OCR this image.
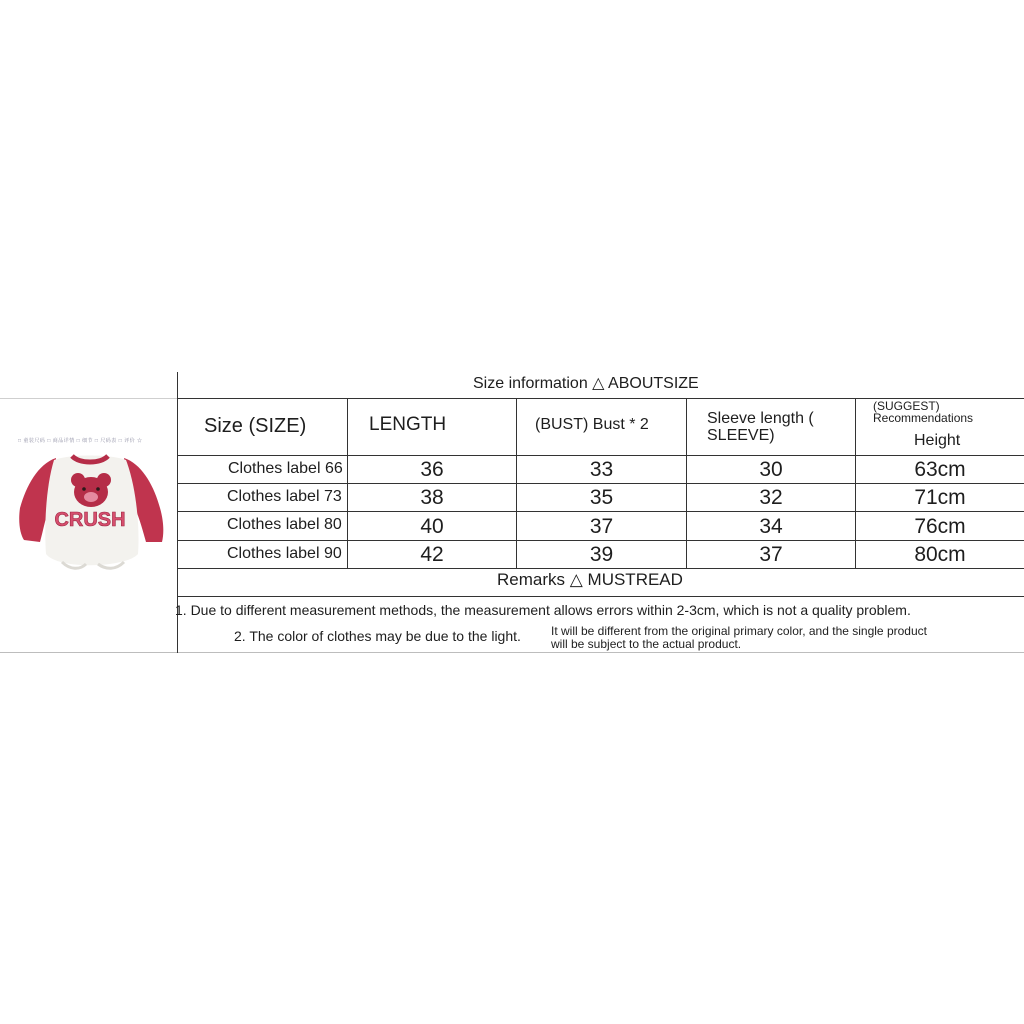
□ 童装尺码 □ 商品详情 □ 细节 □ 尺码表 □ 评价 ☆
CRUSH
Size information △ ABOUTSIZE
Size (SIZE)	LENGTH	(BUST) Bust * 2	Sleeve length (
SLEEVE)
(SUGGEST)
Recommendations
Height
Clothes label 66	36	33	30	63cm
Clothes label 73	38	35	32	71cm
Clothes label 80	40	37	34	76cm
Clothes label 90	42	39	37	80cm
Remarks △ MUSTREAD
1. Due to different measurement methods, the measurement allows errors within 2-3cm, which is not a quality problem.
2. The color of clothes may be due to the light.	It will be different from the original primary color, and the single product
will be subject to the actual product.
